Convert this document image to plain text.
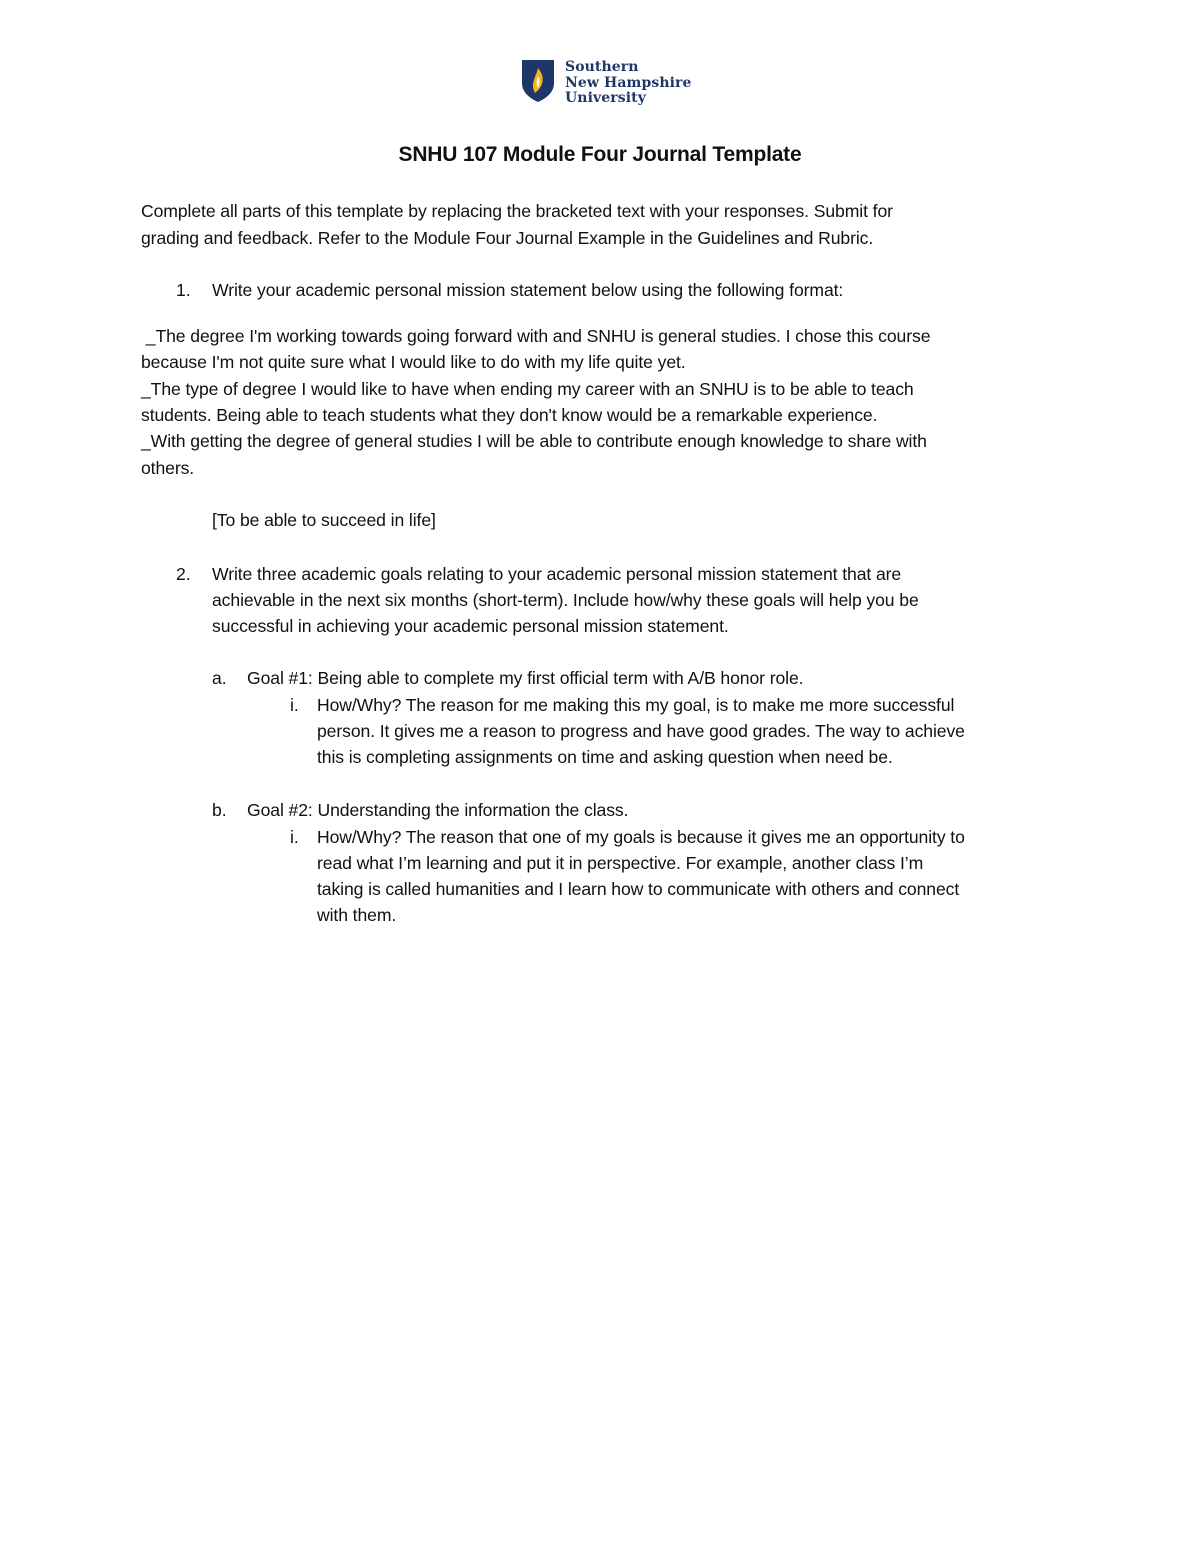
Southern
New Hampshire
University
SNHU 107 Module Four Journal Template
Complete all parts of this template by replacing the bracketed text with your responses. Submit for
grading and feedback. Refer to the Module Four Journal Example in the Guidelines and Rubric.
1. Write your academic personal mission statement below using the following format:
_The degree I'm working towards going forward with and SNHU is general studies. I chose this course
because I'm not quite sure what I would like to do with my life quite yet.
_The type of degree I would like to have when ending my career with an SNHU is to be able to teach
students. Being able to teach students what they don't know would be a remarkable experience.
_With getting the degree of general studies I will be able to contribute enough knowledge to share with
others.
[To be able to succeed in life]
2. Write three academic goals relating to your academic personal mission statement that are
achievable in the next six months (short-term). Include how/why these goals will help you be
successful in achieving your academic personal mission statement.
a. Goal #1: Being able to complete my first official term with A/B honor role.
i. How/Why? The reason for me making this my goal, is to make me more successful
person. It gives me a reason to progress and have good grades. The way to achieve
this is completing assignments on time and asking question when need be.
b. Goal #2: Understanding the information the class.
i. How/Why? The reason that one of my goals is because it gives me an opportunity to
read what I’m learning and put it in perspective. For example, another class I’m
taking is called humanities and I learn how to communicate with others and connect
with them.
